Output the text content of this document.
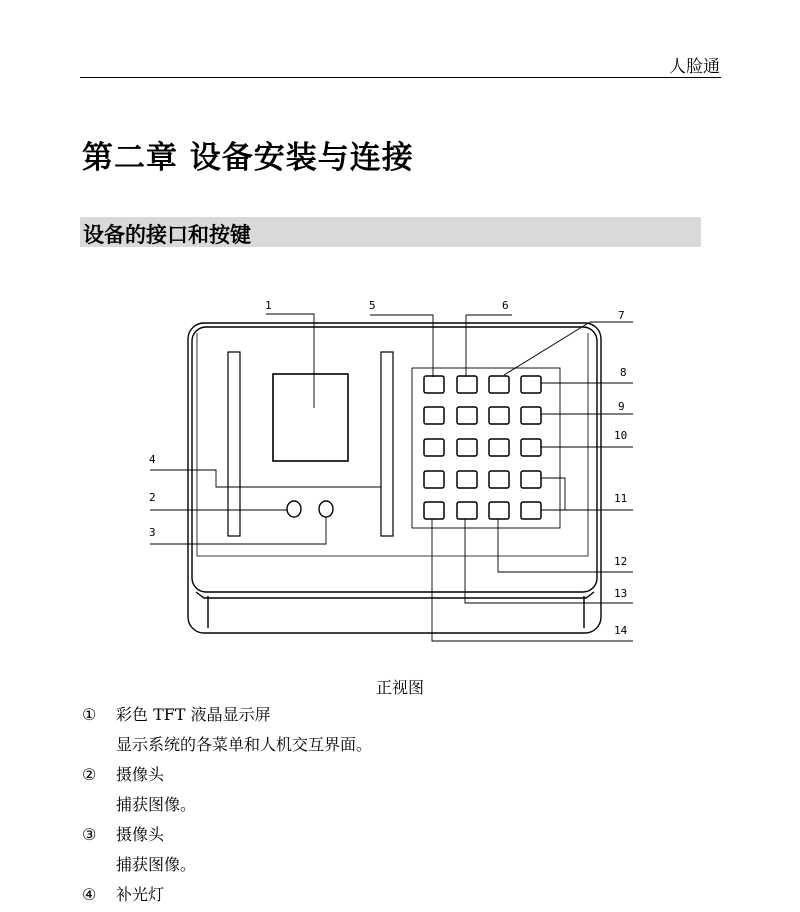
人脸通
第二章 设备安装与连接
设备的接口和按键
1
2
3
4
5	6
7
8
9
10
11
12
13
14
正视图
① 彩色 TFT 液晶显示屏
显示系统的各菜单和人机交互界面。
② 摄像头
捕获图像。
③ 摄像头
捕获图像。
④ 补光灯
